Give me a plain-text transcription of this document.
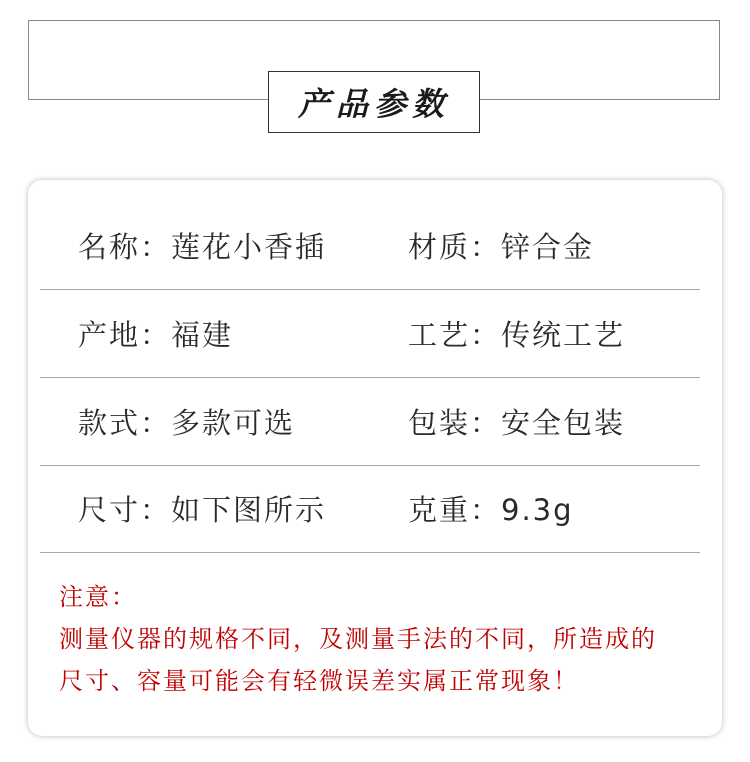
产品参数
名称：莲花小香插	材质：锌合金
产地：福建	工艺：传统工艺
款式：多款可选	包装：安全包装
尺寸：如下图所示	克重：9.3g
注意：
测量仪器的规格不同，及测量手法的不同，所造成的
尺寸、容量可能会有轻微误差实属正常现象！
